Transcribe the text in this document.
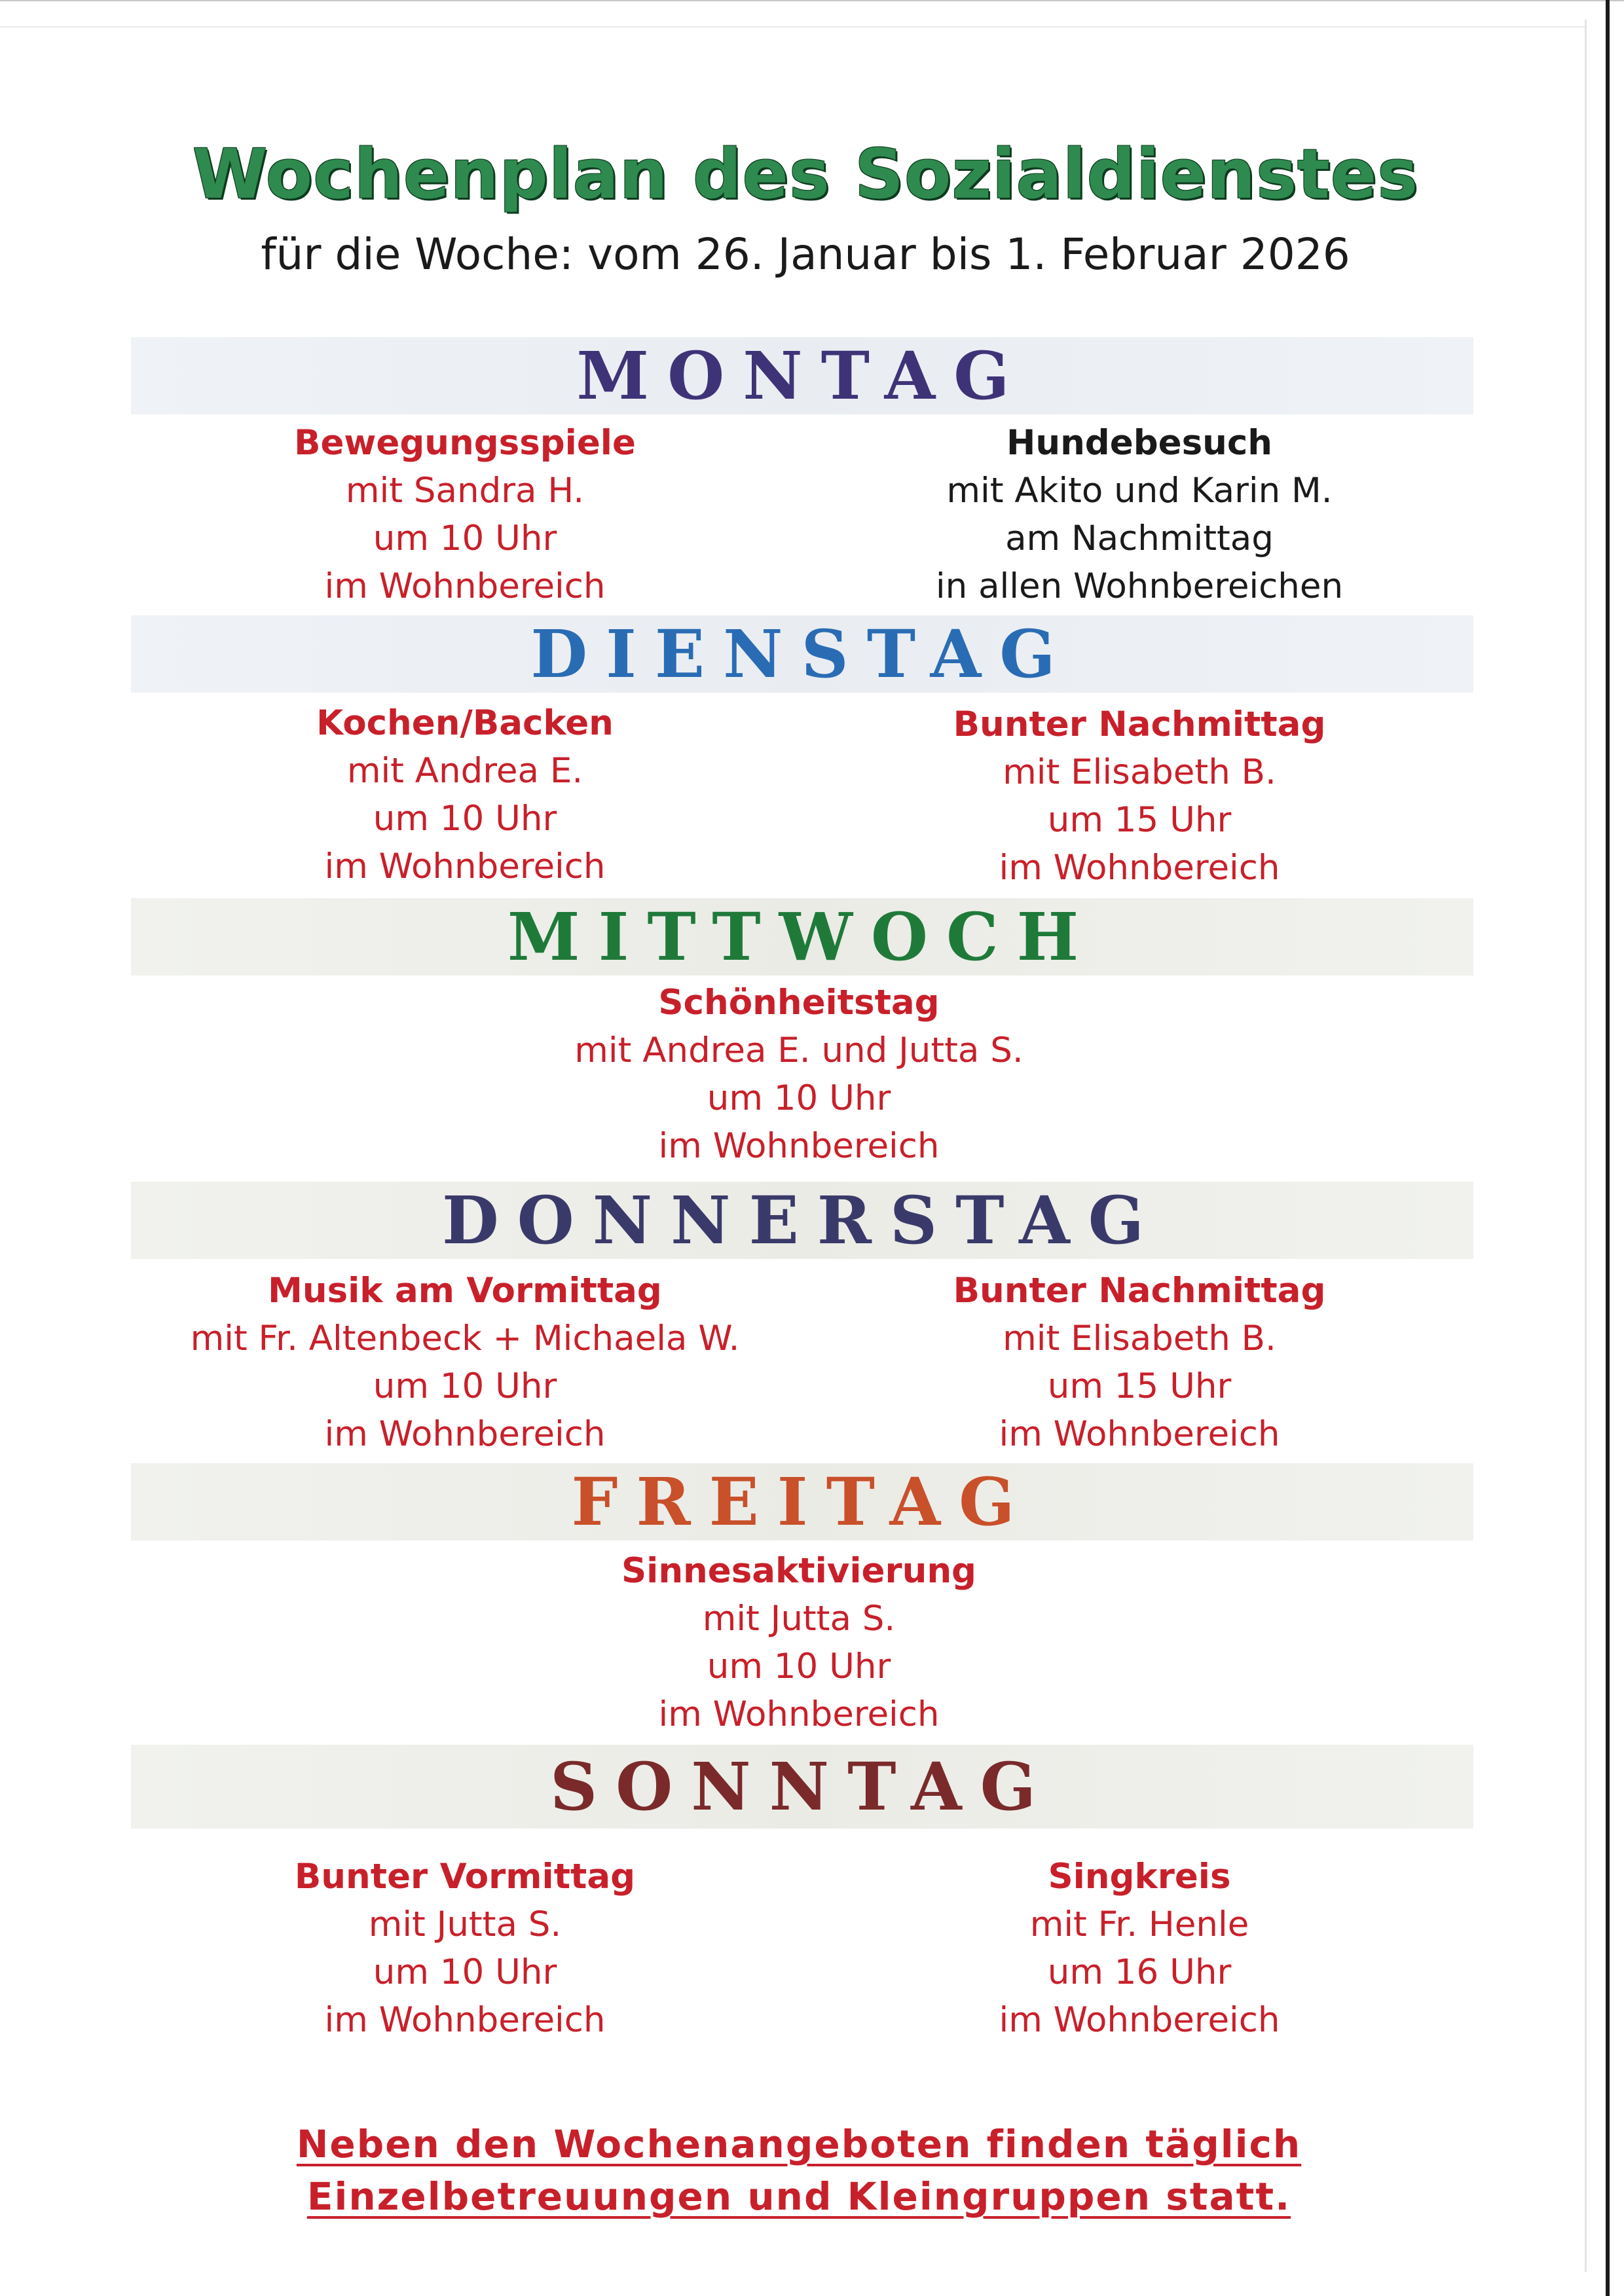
Wochenplan des Sozialdienstes
für die Woche: vom 26. Januar bis 1. Februar 2026
MONTAG
Bewegungsspiele
mit Sandra H.
um 10 Uhr
im Wohnbereich
Hundebesuch
mit Akito und Karin M.
am Nachmittag
in allen Wohnbereichen
DIENSTAG
Kochen/Backen
mit Andrea E.
um 10 Uhr
im Wohnbereich
Bunter Nachmittag
mit Elisabeth B.
um 15 Uhr
im Wohnbereich
MITTWOCH
Schönheitstag
mit Andrea E. und Jutta S.
um 10 Uhr
im Wohnbereich
DONNERSTAG
Musik am Vormittag
mit Fr. Altenbeck + Michaela W.
um 10 Uhr
im Wohnbereich
Bunter Nachmittag
mit Elisabeth B.
um 15 Uhr
im Wohnbereich
FREITAG
Sinnesaktivierung
mit Jutta S.
um 10 Uhr
im Wohnbereich
SONNTAG
Bunter Vormittag
mit Jutta S.
um 10 Uhr
im Wohnbereich
Singkreis
mit Fr. Henle
um 16 Uhr
im Wohnbereich
Neben den Wochenangeboten finden täglich
Einzelbetreuungen und Kleingruppen statt.
